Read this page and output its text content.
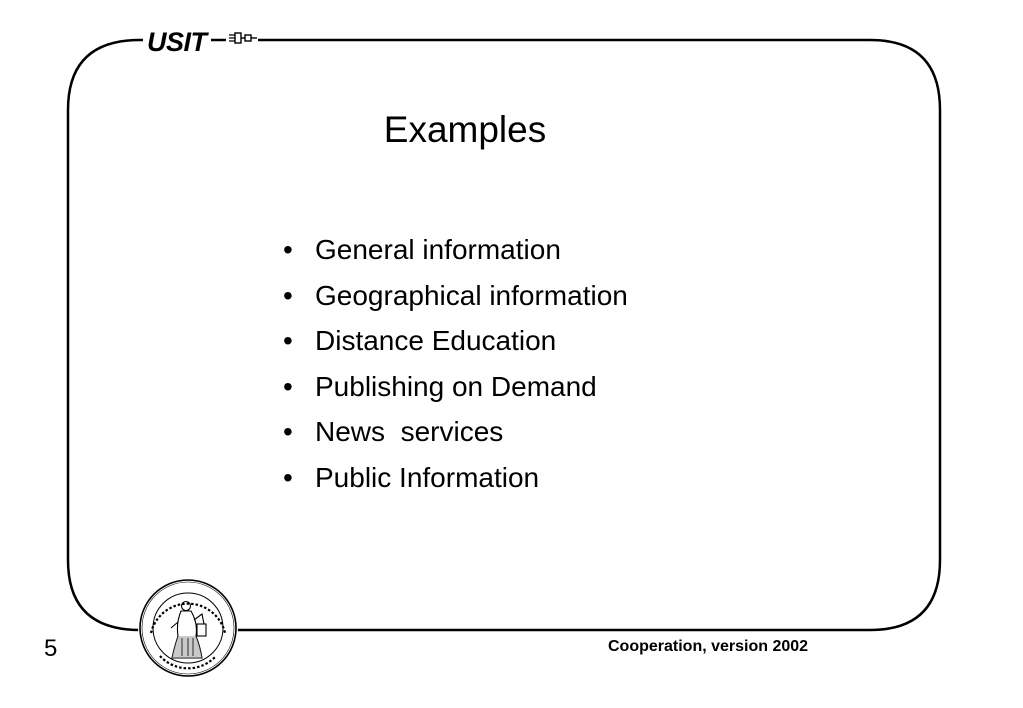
USIT
Examples
• General information
• Geographical information
• Distance Education
• Publishing on Demand
• News  services
• Public Information
5	Cooperation, version 2002
